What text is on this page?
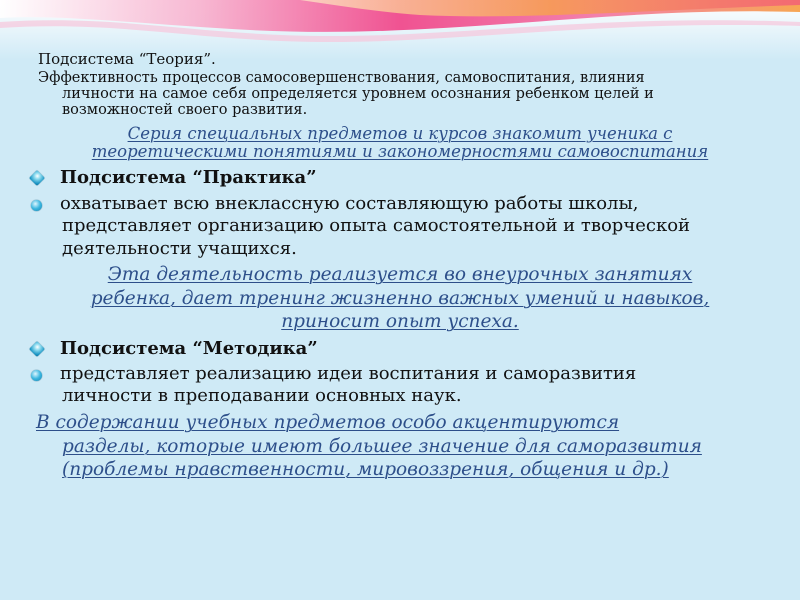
Подсистема “Теория”.
Эффективность процессов самосовершенствования, самовоспитания, влияния
личности на самое себя определяется уровнем осознания ребенком целей и
возможностей своего развития.
Серия специальных предметов и курсов знакомит ученика с
теоретическими понятиями и закономерностями самовоспитания
Подсистема “Практика”
охватывает всю внеклассную составляющую работы школы,
представляет организацию опыта самостоятельной и творческой
деятельности учащихся.
Эта деятельность реализуется во внеурочных занятиях
ребенка, дает тренинг жизненно важных умений и навыков,
приносит опыт успеха.
Подсистема “Методика”
представляет реализацию идеи воспитания и саморазвития
личности в преподавании основных наук.
В содержании учебных предметов особо акцентируются
разделы, которые имеют большее значение для саморазвития
(проблемы нравственности, мировоззрения, общения и др.)
